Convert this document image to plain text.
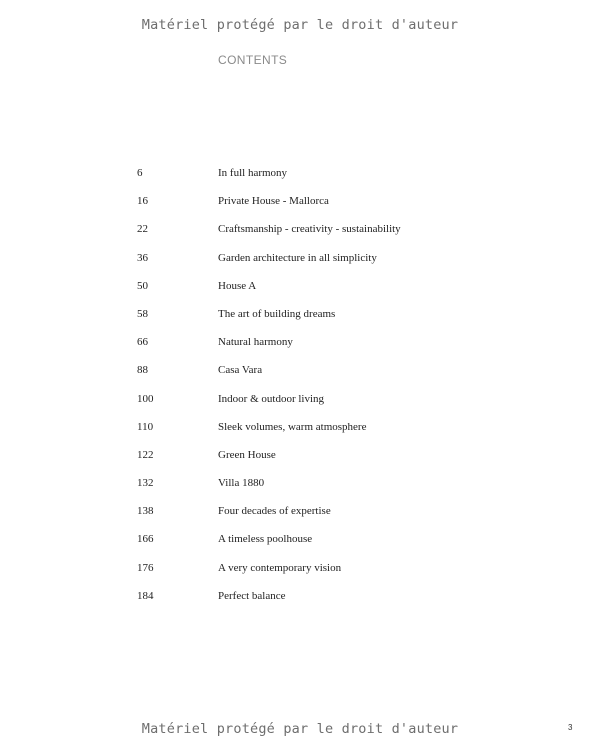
Matériel protégé par le droit d'auteur
CONTENTS
6	In full harmony
16	Private House - Mallorca
22	Craftsmanship - creativity - sustainability
36	Garden architecture in all simplicity
50	House A
58	The art of building dreams
66	Natural harmony
88	Casa Vara
100	Indoor & outdoor living
110	Sleek volumes, warm atmosphere
122	Green House
132	Villa 1880
138	Four decades of expertise
166	A timeless poolhouse
176	A very contemporary vision
184	Perfect balance
Matériel protégé par le droit d'auteur	3
